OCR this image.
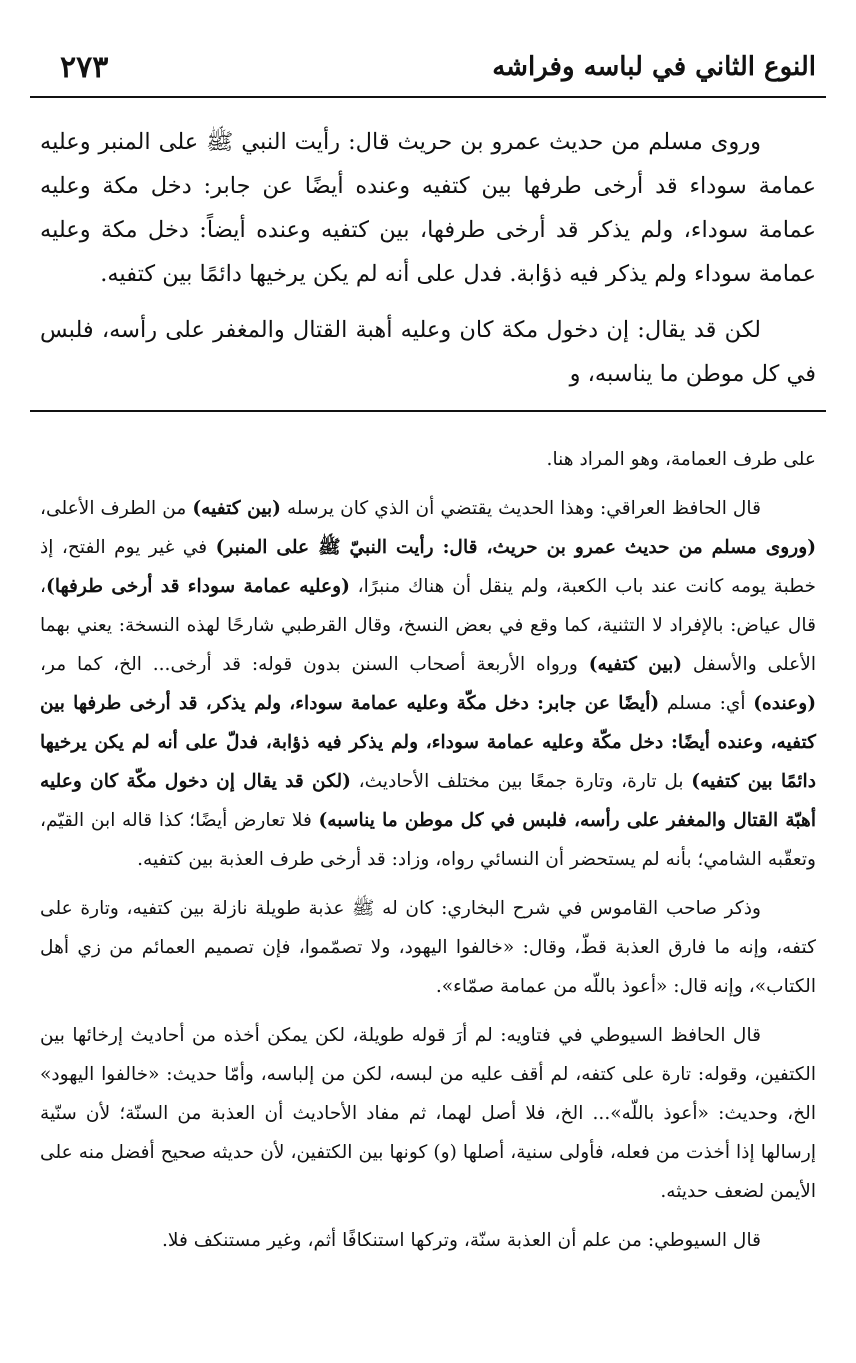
النوع الثاني في لباسه وفراشه
٢٧٣

وروى مسلم من حديث عمرو بن حريث قال: رأيت النبي ﷺ على المنبر وعليه عمامة سوداء قد أرخى طرفها بين كتفيه وعنده أيضًا عن جابر: دخل مكة وعليه عمامة سوداء، ولم يذكر قد أرخى طرفها، بين كتفيه وعنده أيضاً: دخل مكة وعليه عمامة سوداء ولم يذكر فيه ذؤابة. فدل على أنه لم يكن يرخيها دائمًا بين كتفيه.

لكن قد يقال: إن دخول مكة كان وعليه أهبة القتال والمغفر على رأسه، فلبس في كل موطن ما يناسبه، و

على طرف العمامة، وهو المراد هنا.

قال الحافظ العراقي: وهذا الحديث يقتضي أن الذي كان يرسله (بين كتفيه) من الطرف الأعلى، (وروى مسلم من حديث عمرو بن حريث، قال: رأيت النبيّ ﷺ على المنبر) في غير يوم الفتح، إذ خطبة يومه كانت عند باب الكعبة، ولم ينقل أن هناك منبرًا، (وعليه عمامة سوداء قد أرخى طرفها)، قال عياض: بالإفراد لا التثنية، كما وقع في بعض النسخ، وقال القرطبي شارحًا لهذه النسخة: يعني بهما الأعلى والأسفل (بين كتفيه) ورواه الأربعة أصحاب السنن بدون قوله: قد أرخى... الخ، كما مر، (وعنده) أي: مسلم (أيضًا عن جابر: دخل مكّة وعليه عمامة سوداء، ولم يذكر، قد أرخى طرفها بين كتفيه، وعنده أيضًا: دخل مكّة وعليه عمامة سوداء، ولم يذكر فيه ذؤابة، فدلّ على أنه لم يكن يرخيها دائمًا بين كتفيه) بل تارة، وتارة جمعًا بين مختلف الأحاديث، (لكن قد يقال إن دخول مكّة كان وعليه أهبّة القتال والمغفر على رأسه، فلبس في كل موطن ما يناسبه) فلا تعارض أيضًا؛ كذا قاله ابن القيّم، وتعقّبه الشامي؛ بأنه لم يستحضر أن النسائي رواه، وزاد: قد أرخى طرف العذبة بين كتفيه.

وذكر صاحب القاموس في شرح البخاري: كان له ﷺ عذبة طويلة نازلة بين كتفيه، وتارة على كتفه، وإنه ما فارق العذبة قطّ، وقال: «خالفوا اليهود، ولا تصمّموا، فإن تصميم العمائم من زي أهل الكتاب»، وإنه قال: «أعوذ باللّه من عمامة صمّاء».

قال الحافظ السيوطي في فتاويه: لم أرَ قوله طويلة، لكن يمكن أخذه من أحاديث إرخائها بين الكتفين، وقوله: تارة على كتفه، لم أقف عليه من لبسه، لكن من إلباسه، وأمّا حديث: «خالفوا اليهود» الخ، وحديث: «أعوذ باللّه»... الخ، فلا أصل لهما، ثم مفاد الأحاديث أن العذبة من السنّة؛ لأن سنّية إرسالها إذا أخذت من فعله، فأولى سنية، أصلها (و) كونها بين الكتفين، لأن حديثه صحيح أفضل منه على الأيمن لضعف حديثه.

قال السيوطي: من علم أن العذبة سنّة، وتركها استنكافًا أثم، وغير مستنكف فلا.
